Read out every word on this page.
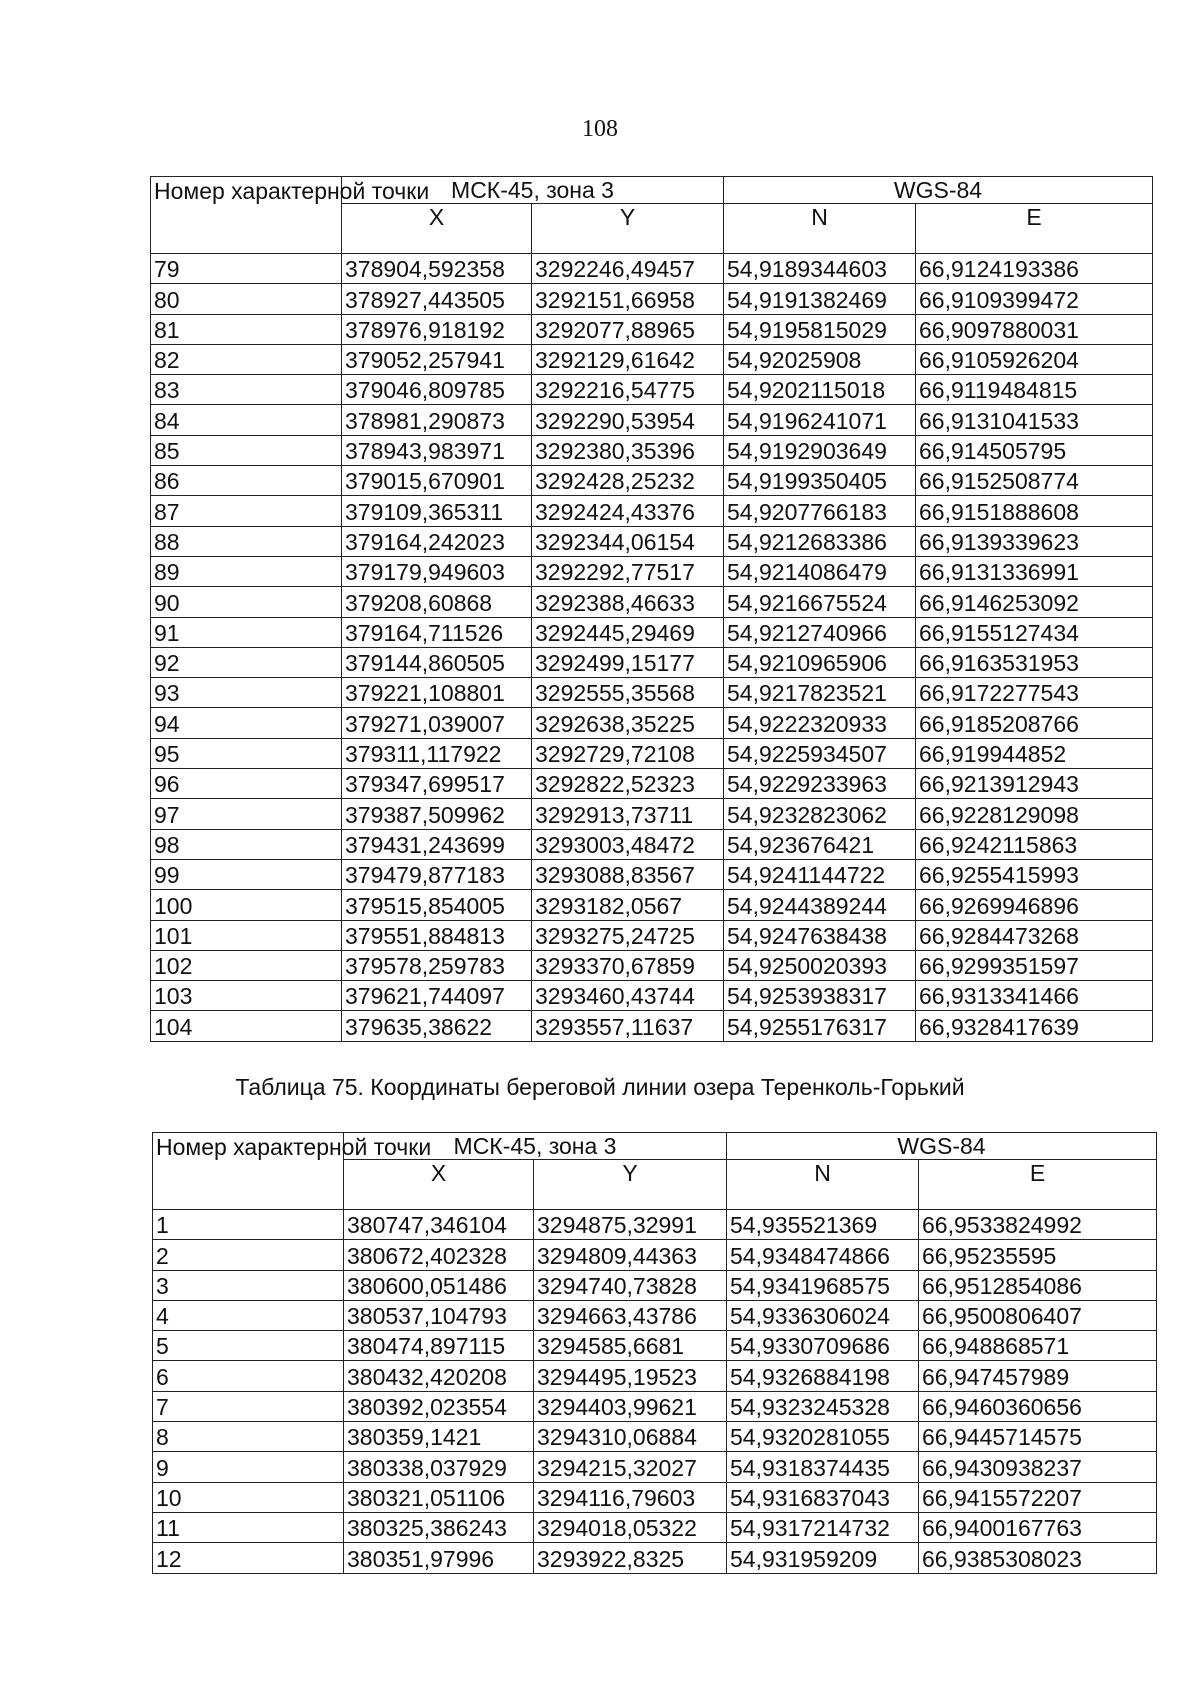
108
Номер характерной точки	МСК-45, зона 3		WGS-84	
	X	Y	N	E
79	378904,592358	3292246,49457	54,9189344603	66,9124193386
80	378927,443505	3292151,66958	54,9191382469	66,9109399472
81	378976,918192	3292077,88965	54,9195815029	66,9097880031
82	379052,257941	3292129,61642	54,92025908	66,9105926204
83	379046,809785	3292216,54775	54,9202115018	66,9119484815
84	378981,290873	3292290,53954	54,9196241071	66,9131041533
85	378943,983971	3292380,35396	54,9192903649	66,914505795
86	379015,670901	3292428,25232	54,9199350405	66,9152508774
87	379109,365311	3292424,43376	54,9207766183	66,9151888608
88	379164,242023	3292344,06154	54,9212683386	66,9139339623
89	379179,949603	3292292,77517	54,9214086479	66,9131336991
90	379208,60868	3292388,46633	54,9216675524	66,9146253092
91	379164,711526	3292445,29469	54,9212740966	66,9155127434
92	379144,860505	3292499,15177	54,9210965906	66,9163531953
93	379221,108801	3292555,35568	54,9217823521	66,9172277543
94	379271,039007	3292638,35225	54,9222320933	66,9185208766
95	379311,117922	3292729,72108	54,9225934507	66,919944852
96	379347,699517	3292822,52323	54,9229233963	66,9213912943
97	379387,509962	3292913,73711	54,9232823062	66,9228129098
98	379431,243699	3293003,48472	54,923676421	66,9242115863
99	379479,877183	3293088,83567	54,9241144722	66,9255415993
100	379515,854005	3293182,0567	54,9244389244	66,9269946896
101	379551,884813	3293275,24725	54,9247638438	66,9284473268
102	379578,259783	3293370,67859	54,9250020393	66,9299351597
103	379621,744097	3293460,43744	54,9253938317	66,9313341466
104	379635,38622	3293557,11637	54,9255176317	66,9328417639
Таблица 75. Координаты береговой линии озера Теренколь-Горький
Номер характерной точки	МСК-45, зона 3		WGS-84	
	X	Y	N	E
1	380747,346104	3294875,32991	54,935521369	66,9533824992
2	380672,402328	3294809,44363	54,9348474866	66,95235595
3	380600,051486	3294740,73828	54,9341968575	66,9512854086
4	380537,104793	3294663,43786	54,9336306024	66,9500806407
5	380474,897115	3294585,6681	54,9330709686	66,948868571
6	380432,420208	3294495,19523	54,9326884198	66,947457989
7	380392,023554	3294403,99621	54,9323245328	66,9460360656
8	380359,1421	3294310,06884	54,9320281055	66,9445714575
9	380338,037929	3294215,32027	54,9318374435	66,9430938237
10	380321,051106	3294116,79603	54,9316837043	66,9415572207
11	380325,386243	3294018,05322	54,9317214732	66,9400167763
12	380351,97996	3293922,8325	54,931959209	66,9385308023
